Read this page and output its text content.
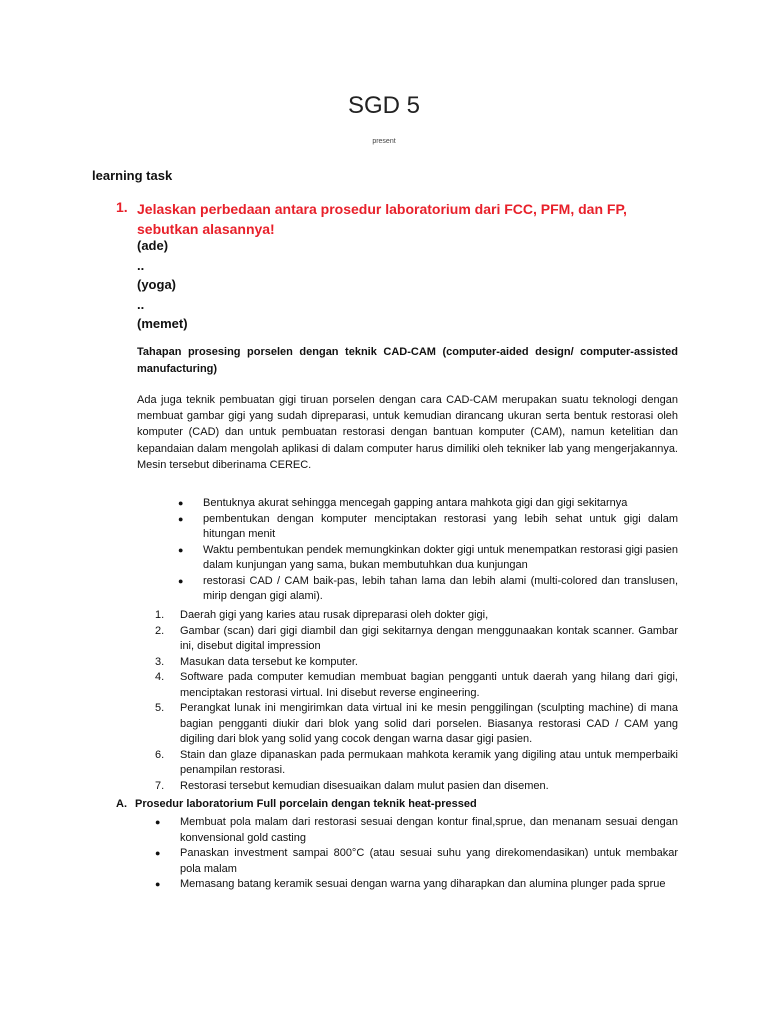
SGD 5
present
learning task
1. Jelaskan perbedaan antara prosedur laboratorium dari FCC, PFM, dan FP, sebutkan alasannya!
(ade)
..
(yoga)
..
(memet)
Tahapan prosesing porselen dengan teknik CAD-CAM (computer-aided design/ computer-assisted manufacturing)
Ada juga teknik pembuatan gigi tiruan porselen dengan cara CAD-CAM merupakan suatu teknologi dengan membuat gambar gigi yang sudah dipreparasi, untuk kemudian dirancang ukuran serta bentuk restorasi oleh komputer (CAD) dan untuk pembuatan restorasi dengan bantuan komputer (CAM), namun ketelitian dan kepandaian dalam mengolah aplikasi di dalam computer harus dimiliki oleh tekniker lab yang mengerjakannya. Mesin tersebut diberinama CEREC.
● Bentuknya akurat sehingga mencegah gapping antara mahkota gigi dan gigi sekitarnya
● pembentukan dengan komputer menciptakan restorasi yang lebih sehat untuk gigi dalam hitungan menit
● Waktu pembentukan pendek memungkinkan dokter gigi untuk menempatkan restorasi gigi pasien dalam kunjungan yang sama, bukan membutuhkan dua kunjungan
● restorasi CAD / CAM baik-pas, lebih tahan lama dan lebih alami (multi-colored dan translusen, mirip dengan gigi alami).
1. Daerah gigi yang karies atau rusak dipreparasi oleh dokter gigi,
2. Gambar (scan) dari gigi diambil dan gigi sekitarnya dengan menggunaakan kontak scanner. Gambar ini, disebut digital impression
3. Masukan data tersebut ke komputer.
4. Software pada computer kemudian membuat bagian pengganti untuk daerah yang hilang dari gigi, menciptakan restorasi virtual. Ini disebut reverse engineering.
5. Perangkat lunak ini mengirimkan data virtual ini ke mesin penggilingan (sculpting machine) di mana bagian pengganti diukir dari blok yang solid dari porselen. Biasanya restorasi CAD / CAM yang digiling dari blok yang solid yang cocok dengan warna dasar gigi pasien.
6. Stain dan glaze dipanaskan pada permukaan mahkota keramik yang digiling atau untuk memperbaiki penampilan restorasi.
7. Restorasi tersebut kemudian disesuaikan dalam mulut pasien dan disemen.
A. Prosedur laboratorium Full porcelain dengan teknik heat-pressed
● Membuat pola malam dari restorasi sesuai dengan kontur final,sprue, dan menanam sesuai dengan konvensional gold casting
● Panaskan investment sampai 800°C (atau sesuai suhu yang direkomendasikan) untuk membakar pola malam
● Memasang batang keramik sesuai dengan warna yang diharapkan dan alumina plunger pada sprue
